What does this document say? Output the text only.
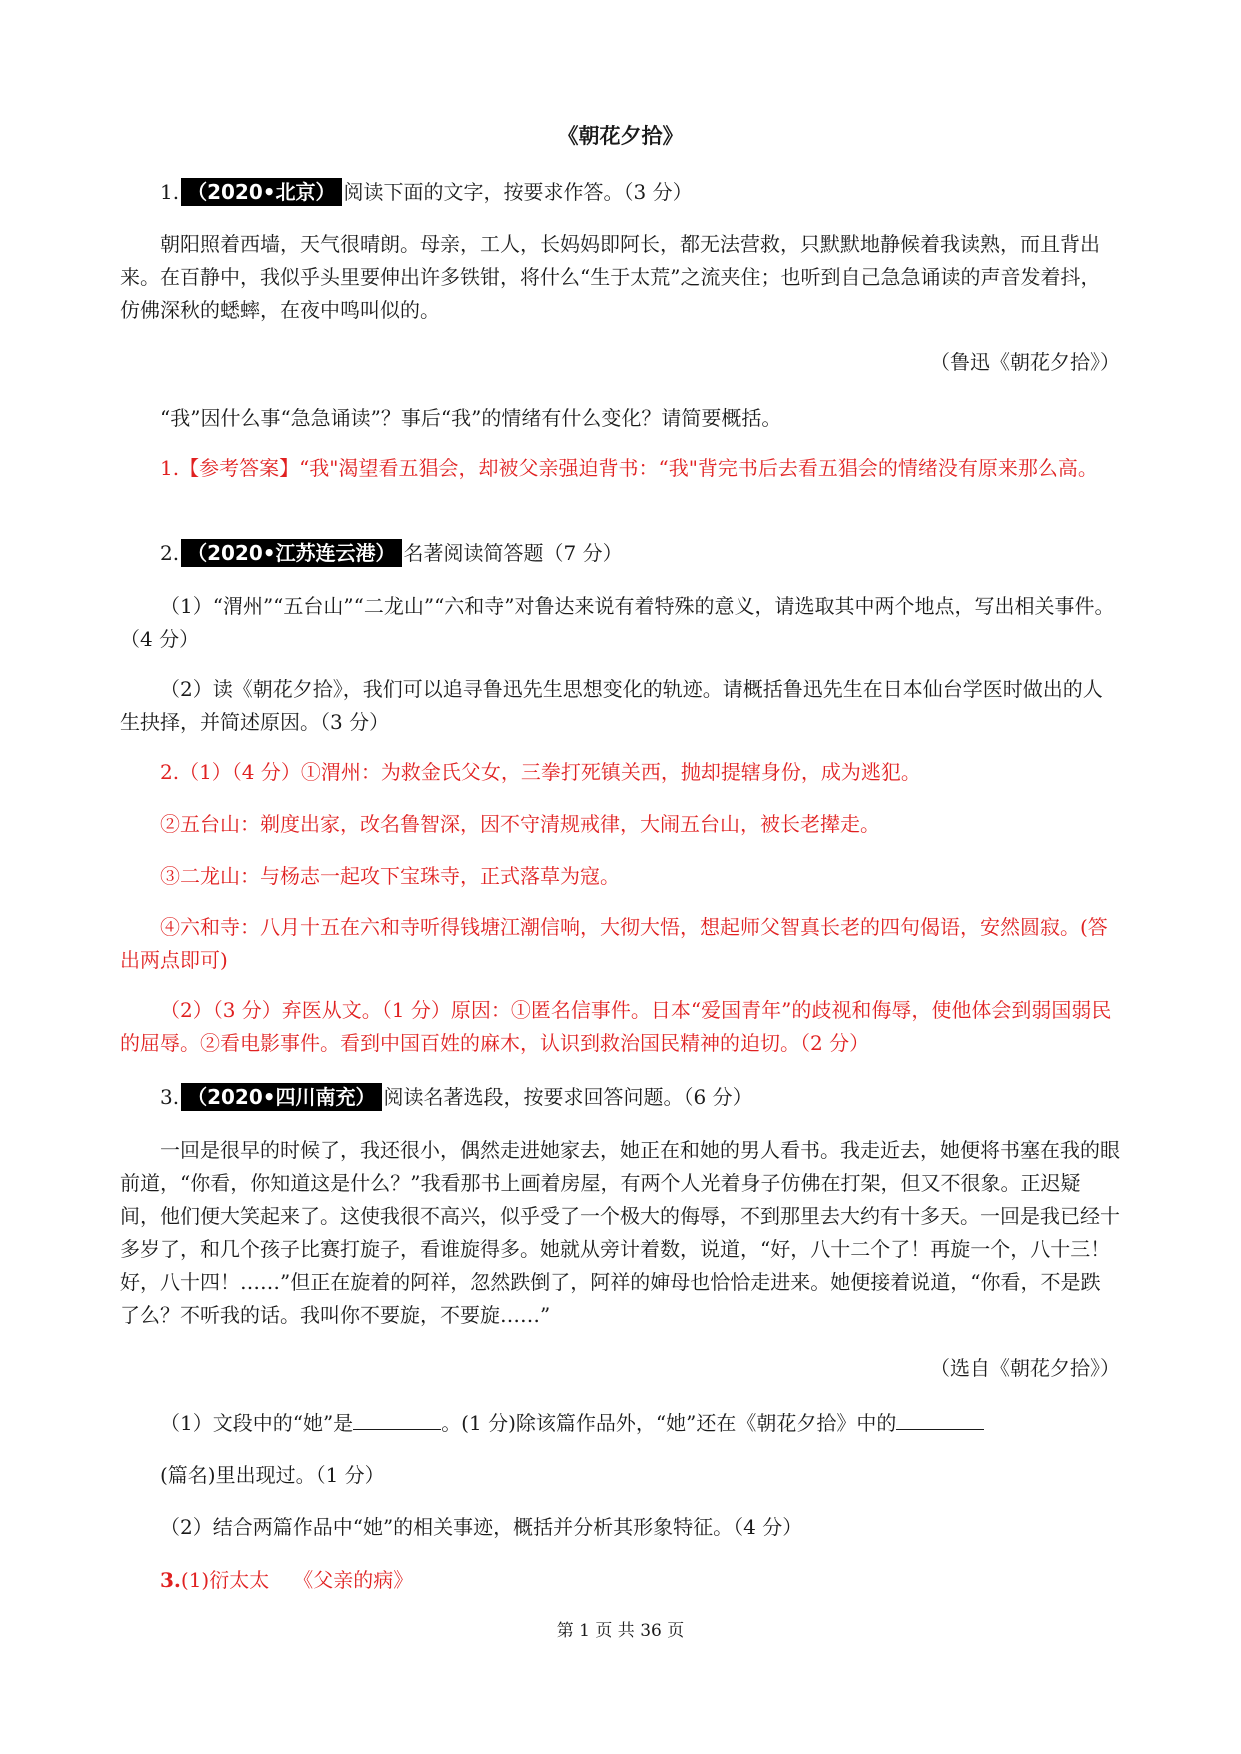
《朝花夕拾》

1. （2020•北京） 阅读下面的文字，按要求作答。（3 分）

朝阳照着西墙，天气很晴朗。母亲，工人，长妈妈即阿长，都无法营救，只默默地静候着我读熟，而且背出来。在百静中，我似乎头里要伸出许多铁钳，将什么“生于太荒”之流夹住；也听到自己急急诵读的声音发着抖，仿佛深秋的蟋蟀，在夜中鸣叫似的。

（鲁迅《朝花夕拾》）

“我”因什么事“急急诵读”？事后“我”的情绪有什么变化？请简要概括。

1.【参考答案】“我"渴望看五猖会，却被父亲强迫背书：“我"背完书后去看五猖会的情绪没有原来那么高。

2. （2020•江苏连云港） 名著阅读简答题（7 分）

（1）“渭州”“五台山”“二龙山”“六和寺”对鲁达来说有着特殊的意义，请选取其中两个地点，写出相关事件。（4 分）

（2）读《朝花夕拾》，我们可以追寻鲁迅先生思想变化的轨迹。请概括鲁迅先生在日本仙台学医时做出的人生抉择，并简述原因。（3 分）

2.（1）（4 分）①渭州：为救金氏父女，三拳打死镇关西，抛却提辖身份，成为逃犯。

②五台山：剃度出家，改名鲁智深，因不守清规戒律，大闹五台山，被长老撵走。

③二龙山：与杨志一起攻下宝珠寺，正式落草为寇。

④六和寺：八月十五在六和寺听得钱塘江潮信响，大彻大悟，想起师父智真长老的四句偈语，安然圆寂。(答出两点即可)

（2）（3 分）弃医从文。（1 分）原因：①匿名信事件。日本“爱国青年”的歧视和侮辱，使他体会到弱国弱民的屈辱。②看电影事件。看到中国百姓的麻木，认识到救治国民精神的迫切。（2 分）

3. （2020•四川南充） 阅读名著选段，按要求回答问题。（6 分）

一回是很早的时候了，我还很小，偶然走进她家去，她正在和她的男人看书。我走近去，她便将书塞在我的眼前道，“你看，你知道这是什么？”我看那书上画着房屋，有两个人光着身子仿佛在打架，但又不很象。正迟疑间，他们便大笑起来了。这使我很不高兴，似乎受了一个极大的侮辱，不到那里去大约有十多天。一回是我已经十多岁了，和几个孩子比赛打旋子，看谁旋得多。她就从旁计着数，说道，“好，八十二个了！再旋一个，八十三！好，八十四！……”但正在旋着的阿祥，忽然跌倒了，阿祥的婶母也恰恰走进来。她便接着说道，“你看，不是跌了么？不听我的话。我叫你不要旋，不要旋……”

（选自《朝花夕拾》）

（1）文段中的“她”是	。(1 分)除该篇作品外，“她”还在《朝花夕拾》中的

(篇名)里出现过。（1 分）

（2）结合两篇作品中“她”的相关事迹，概括并分析其形象特征。（4 分）

3.(1)衍太太 《父亲的病》

第 1 页 共 36 页
